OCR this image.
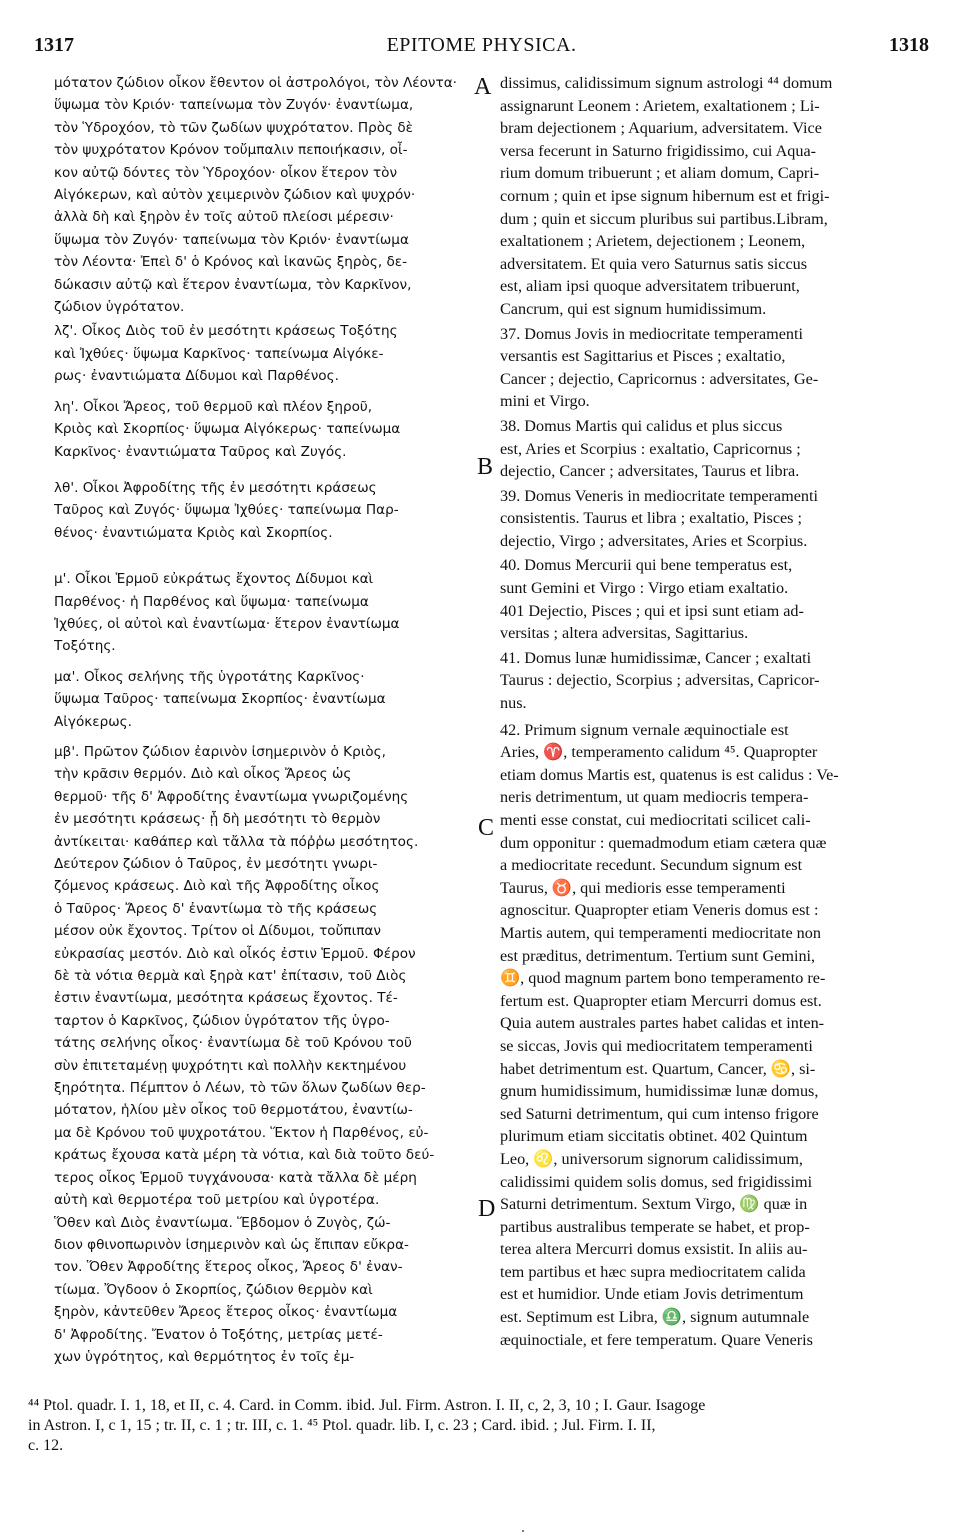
1317	EPITOME PHYSICA.	1318
μότατον ζώδιον οἶκον ἔθεντον οἱ ἀστρολόγοι, τὸν Λέοντα·
ὕψωμα τὸν Κριόν· ταπείνωμα τὸν Ζυγόν· ἐναντίωμα,
τὸν Ὑδροχόον, τὸ τῶν ζωδίων ψυχρότατον. Πρὸς δὲ
τὸν ψυχρότατον Κρόνον τοὔμπαλιν πεποιήκασιν, οἶ-
κον αὐτῷ δόντες τὸν Ὑδροχόον· οἶκον ἕτερον τὸν
Αἰγόκερων, καὶ αὐτὸν χειμερινὸν ζώδιον καὶ ψυχρόν·
ἀλλὰ δὴ καὶ ξηρὸν ἐν τοῖς αὐτοῦ πλείοσι μέρεσιν·
ὕψωμα τὸν Ζυγόν· ταπείνωμα τὸν Κριόν· ἐναντίωμα
τὸν Λέοντα· Ἐπεὶ δ' ὁ Κρόνος καὶ ἱκανῶς ξηρὸς, δε-
δώκασιν αὐτῷ καὶ ἕτερον ἐναντίωμα, τὸν Καρκῖνον,
ζώδιον ὑγρότατον.
λζ'. Οἶκος Διὸς τοῦ ἐν μεσότητι κράσεως Τοξότης
καὶ Ἰχθύες· ὕψωμα Καρκῖνος· ταπείνωμα Αἰγόκε-
ρως· ἐναντιώματα Δίδυμοι καὶ Παρθένος.
λη'. Οἶκοι Ἄρεος, τοῦ θερμοῦ καὶ πλέον ξηροῦ,
Κριὸς καὶ Σκορπίος· ὕψωμα Αἰγόκερως· ταπείνωμα
Καρκῖνος· ἐναντιώματα Ταῦρος καὶ Ζυγός.
λθ'. Οἶκοι Ἀφροδίτης τῆς ἐν μεσότητι κράσεως
Ταῦρος καὶ Ζυγός· ὕψωμα Ἰχθύες· ταπείνωμα Παρ-
θένος· ἐναντιώματα Κριὸς καὶ Σκορπίος.
μ'. Οἶκοι Ἑρμοῦ εὐκράτως ἔχοντος Δίδυμοι καὶ
Παρθένος· ἡ Παρθένος καὶ ὕψωμα· ταπείνωμα
Ἰχθύες, οἱ αὐτοὶ καὶ ἐναντίωμα· ἕτερον ἐναντίωμα
Τοξότης.
μα'. Οἶκος σελήνης τῆς ὑγροτάτης Καρκῖνος·
ὕψωμα Ταῦρος· ταπείνωμα Σκορπίος· ἐναντίωμα
Αἰγόκερως.
μβ'. Πρῶτον ζώδιον ἐαρινὸν ἰσημερινὸν ὁ Κριὸς,
τὴν κρᾶσιν θερμόν. Διὸ καὶ οἶκος Ἄρεος ὡς
θερμοῦ· τῆς δ' Ἀφροδίτης ἐναντίωμα γνωριζομένης
ἐν μεσότητι κράσεως· ᾗ δὴ μεσότητι τὸ θερμὸν
ἀντίκειται· καθάπερ καὶ τἄλλα τὰ πόῤῥω μεσότητος.
Δεύτερον ζώδιον ὁ Ταῦρος, ἐν μεσότητι γνωρι-
ζόμενος κράσεως. Διὸ καὶ τῆς Ἀφροδίτης οἶκος
ὁ Ταῦρος· Ἄρεος δ' ἐναντίωμα τὸ τῆς κράσεως
μέσον οὐκ ἔχοντος. Τρίτον οἱ Δίδυμοι, τοὔπιπαν
εὐκρασίας μεστόν. Διὸ καὶ οἶκός ἐστιν Ἑρμοῦ. Φέρον
δὲ τὰ νότια θερμὰ καὶ ξηρὰ κατ' ἐπίτασιν, τοῦ Διὸς
ἐστιν ἐναντίωμα, μεσότητα κράσεως ἔχοντος. Τέ-
ταρτον ὁ Καρκῖνος, ζώδιον ὑγρότατον τῆς ὑγρο-
τάτης σελήνης οἶκος· ἐναντίωμα δὲ τοῦ Κρόνου τοῦ
σὺν ἐπιτεταμένῃ ψυχρότητι καὶ πολλὴν κεκτημένου
ξηρότητα. Πέμπτον ὁ Λέων, τὸ τῶν ὅλων ζωδίων θερ-
μότατον, ἡλίου μὲν οἶκος τοῦ θερμοτάτου, ἐναντίω-
μα δὲ Κρόνου τοῦ ψυχροτάτου. Ἕκτον ἡ Παρθένος, εὐ-
κράτως ἔχουσα κατὰ μέρη τὰ νότια, καὶ διὰ τοῦτο δεύ-
τερος οἶκος Ἑρμοῦ τυγχάνουσα· κατὰ τἄλλα δὲ μέρη
αὐτὴ καὶ θερμοτέρα τοῦ μετρίου καὶ ὑγροτέρα.
Ὅθεν καὶ Διὸς ἐναντίωμα. Ἕβδομον ὁ Ζυγὸς, ζώ-
διον φθινοπωρινὸν ἰσημερινὸν καὶ ὡς ἔπιπαν εὔκρα-
τον. Ὅθεν Ἀφροδίτης ἕτερος οἶκος, Ἄρεος δ' ἐναν-
τίωμα. Ὄγδοον ὁ Σκορπίος, ζώδιον θερμὸν καὶ
ξηρὸν, κἀντεῦθεν Ἄρεος ἕτερος οἶκος· ἐναντίωμα
δ' Ἀφροδίτης. Ἔνατον ὁ Τοξότης, μετρίας μετέ-
χων ὑγρότητος, καὶ θερμότητος ἐν τοῖς ἐμ-
dissimus, calidissimum signum astrologi ⁴⁴ domum
assignarunt Leonem : Arietem, exaltationem ; Li-
bram dejectionem ; Aquarium, adversitatem. Vice
versa fecerunt in Saturno frigidissimo, cui Aqua-
rium domum tribuerunt ; et aliam domum, Capri-
cornum ; quin et ipse signum hibernum est et frigi-
dum ; quin et siccum pluribus sui partibus.Libram,
exaltationem ; Arietem, dejectionem ; Leonem,
adversitatem. Et quia vero Saturnus satis siccus
est, aliam ipsi quoque adversitatem tribuerunt,
Cancrum, qui est signum humidissimum.
37. Domus Jovis in mediocritate temperamenti
versantis est Sagittarius et Pisces ; exaltatio,
Cancer ; dejectio, Capricornus : adversitates, Ge-
mini et Virgo.
38. Domus Martis qui calidus et plus siccus
est, Aries et Scorpius : exaltatio, Capricornus ;
dejectio, Cancer ; adversitates, Taurus et libra.
39. Domus Veneris in mediocritate temperamenti
consistentis. Taurus et libra ; exaltatio, Pisces ;
dejectio, Virgo ; adversitates, Aries et Scorpius.
40. Domus Mercurii qui bene temperatus est,
sunt Gemini et Virgo : Virgo etiam exaltatio.
401 Dejectio, Pisces ; qui et ipsi sunt etiam ad-
versitas ; altera adversitas, Sagittarius.
41. Domus lunæ humidissimæ, Cancer ; exaltati
Taurus : dejectio, Scorpius ; adversitas, Capricor-
nus.
42. Primum signum vernale æquinoctiale est
Aries, ♈, temperamento calidum ⁴⁵. Quapropter
etiam domus Martis est, quatenus is est calidus : Ve-
neris detrimentum, ut quam mediocris tempera-
menti esse constat, cui mediocritati scilicet cali-
dum opponitur : quemadmodum etiam cætera quæ
a mediocritate recedunt. Secundum signum est
Taurus, ♉, qui medioris esse temperamenti
agnoscitur. Quapropter etiam Veneris domus est :
Martis autem, qui temperamenti mediocritate non
est præditus, detrimentum. Tertium sunt Gemini,
♊, quod magnum partem bono temperamento re-
fertum est. Quapropter etiam Mercurri domus est.
Quia autem australes partes habet calidas et inten-
se siccas, Jovis qui mediocritatem temperamenti
habet detrimentum est. Quartum, Cancer, ♋, si-
gnum humidissimum, humidissimæ lunæ domus,
sed Saturni detrimentum, qui cum intenso frigore
plurimum etiam siccitatis obtinet. 402 Quintum
Leo, ♌, universorum signorum calidissimum,
calidissimi quidem solis domus, sed frigidissimi
Saturni detrimentum. Sextum Virgo, ♍ quæ in
partibus australibus temperate se habet, et prop-
terea altera Mercurri domus exsistit. In aliis au-
tem partibus et hæc supra mediocritatem calida
est et humidior. Unde etiam Jovis detrimentum
est. Septimum est Libra, ♎, signum autumnale
æquinoctiale, et fere temperatum. Quare Veneris
A
B
C
D
⁴⁴ Ptol. quadr. I. 1, 18, et II, c. 4. Card. in Comm. ibid. Jul. Firm. Astron. I. II, c, 2, 3, 10 ; I. Gaur. Isagoge
in Astron. I, c 1, 15 ; tr. II, c. 1 ; tr. III, c. 1. ⁴⁵ Ptol. quadr. lib. I, c. 23 ; Card. ibid. ; Jul. Firm. I. II,
c. 12.
